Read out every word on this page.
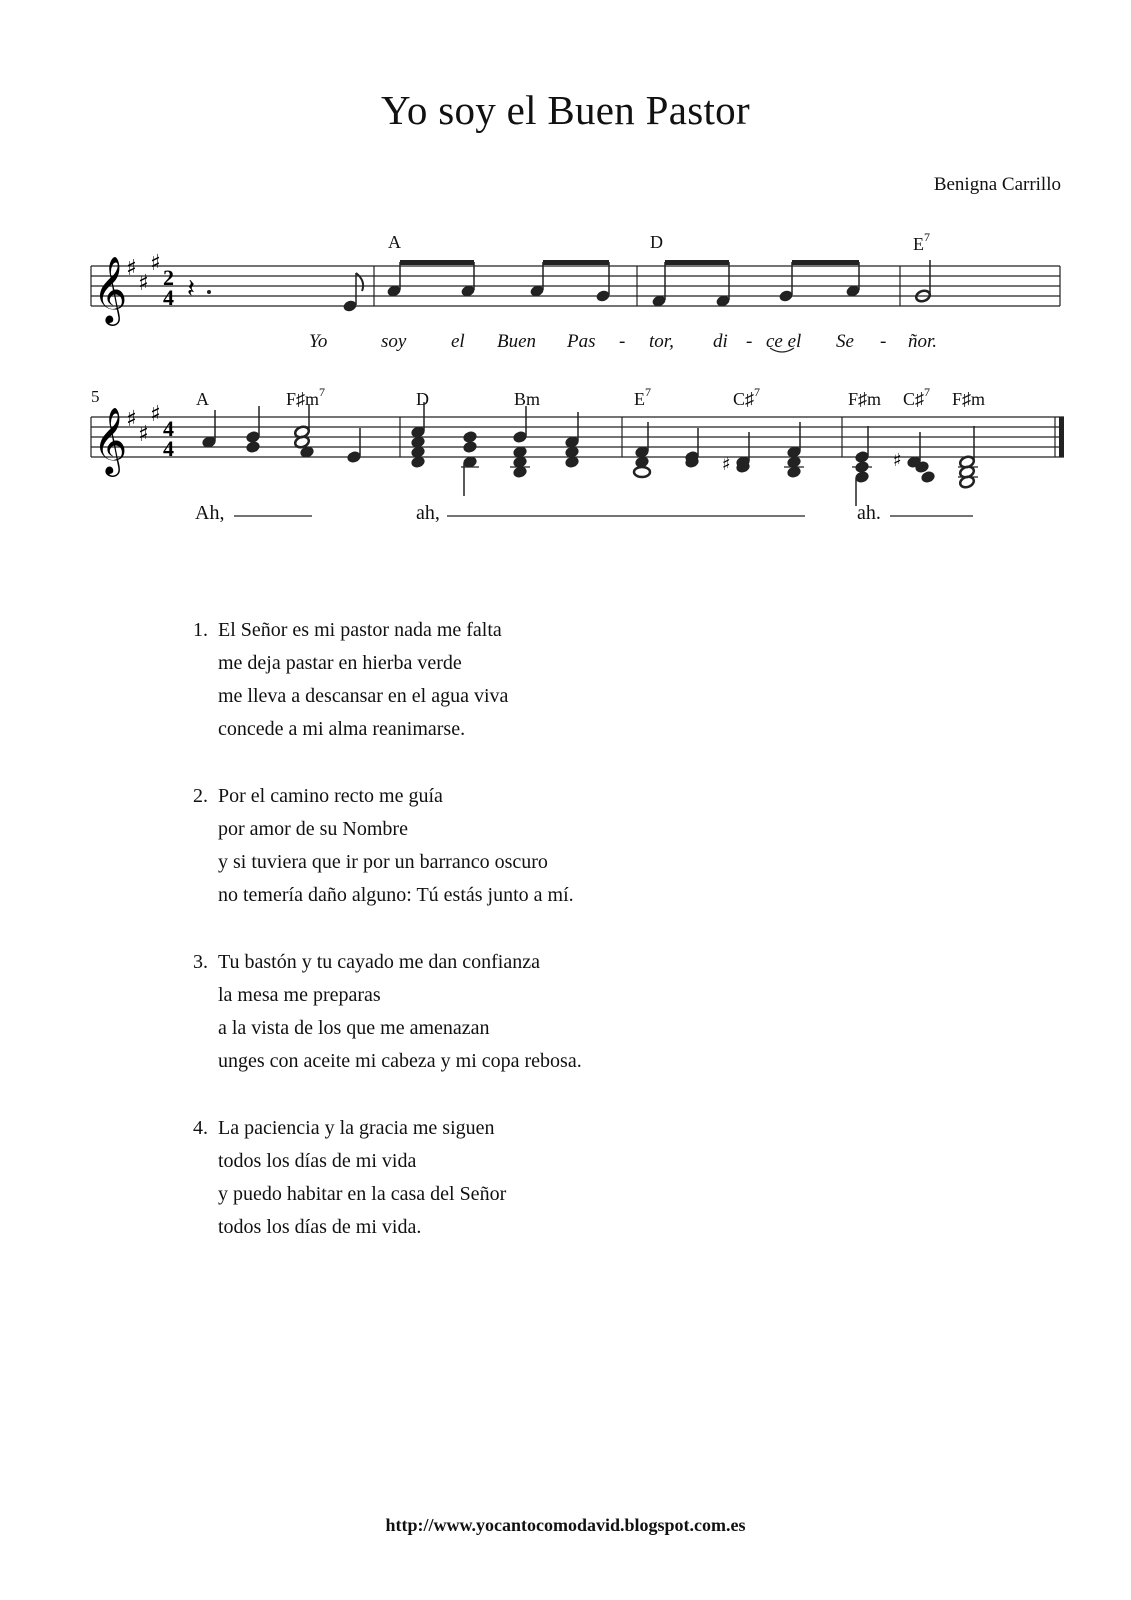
Yo soy el Buen Pastor
Benigna Carrillo
A	D	$E^7$
𝄞
♯
♯
♯
2
4 𝄽
Yo	soy el Buen Pas - tor, di - ce el Se - ñor.
5	A	$F♯m^7$	D	Bm	$E^7$	C♯$^7$	F♯m C♯$^7$ F♯m
𝄞
♯
♯
♯
4
4
♯	♯
Ah,	ah,	ah.
1. El Señor es mi pastor nada me falta
me deja pastar en hierba verde
me lleva a descansar en el agua viva
concede a mi alma reanimarse.
2. Por el camino recto me guía
por amor de su Nombre
y si tuviera que ir por un barranco oscuro
no temería daño alguno: Tú estás junto a mí.
3. Tu bastón y tu cayado me dan confianza
la mesa me preparas
a la vista de los que me amenazan
unges con aceite mi cabeza y mi copa rebosa.
4. La paciencia y la gracia me siguen
todos los días de mi vida
y puedo habitar en la casa del Señor
todos los días de mi vida.
http://www.yocantocomodavid.blogspot.com.es
